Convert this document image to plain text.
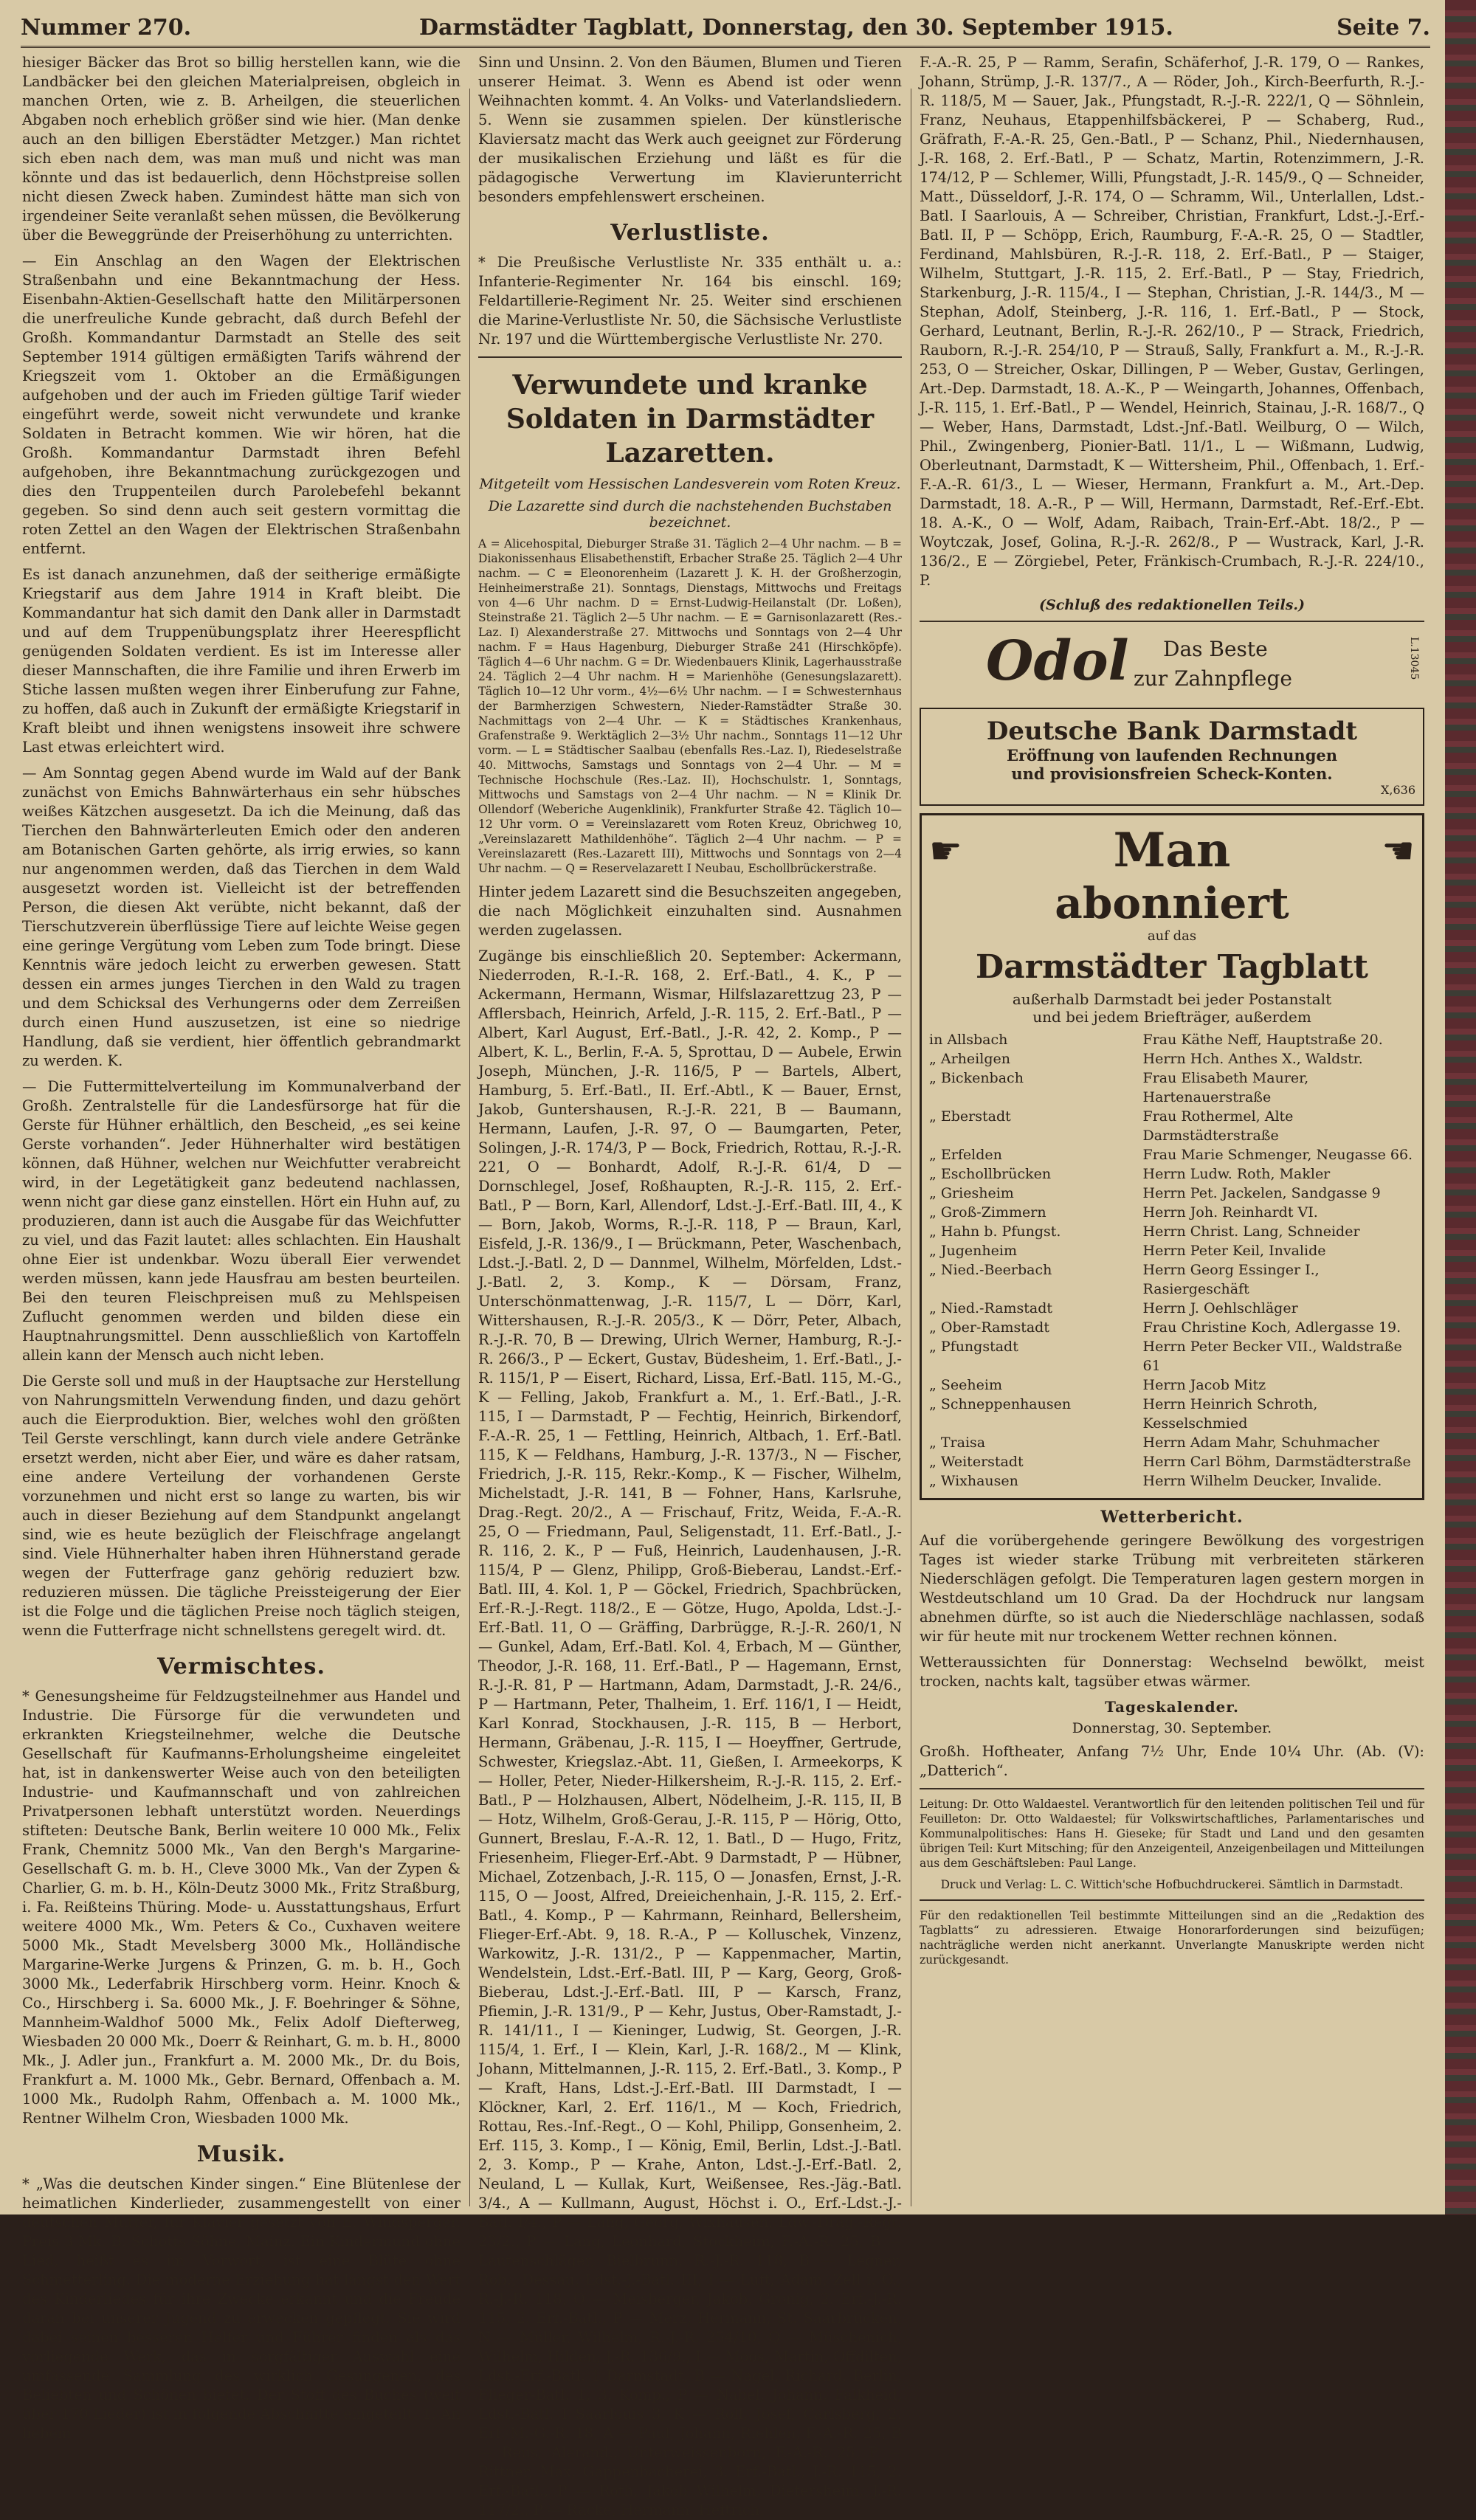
Nummer 270.	Darmstädter Tagblatt, Donnerstag, den 30. September 1915.	Seite 7.

hiesiger Bäcker das Brot so billig herstellen kann, wie die Landbäcker bei den gleichen Materialpreisen, obgleich in manchen Orten, wie z. B. Arheilgen, die steuerlichen Abgaben noch erheblich größer sind wie hier. (Man denke auch an den billigen Eberstädter Metzger.) Man richtet sich eben nach dem, was man muß und nicht was man könnte und das ist bedauerlich, denn Höchstpreise sollen nicht diesen Zweck haben. Zumindest hätte man sich von irgendeiner Seite veranlaßt sehen müssen, die Bevölkerung über die Beweggründe der Preiserhöhung zu unterrichten.

— Ein Anschlag an den Wagen der Elektrischen Straßenbahn und eine Bekanntmachung der Hess. Eisenbahn-Aktien-Gesellschaft hatte den Militärpersonen die unerfreuliche Kunde gebracht, daß durch Befehl der Großh. Kommandantur Darmstadt an Stelle des seit September 1914 gültigen ermäßigten Tarifs während der Kriegszeit vom 1. Oktober an die Ermäßigungen aufgehoben und der auch im Frieden gültige Tarif wieder eingeführt werde, soweit nicht verwundete und kranke Soldaten in Betracht kommen. Wie wir hören, hat die Großh. Kommandantur Darmstadt ihren Befehl aufgehoben, ihre Bekanntmachung zurückgezogen und dies den Truppenteilen durch Parolebefehl bekannt gegeben. So sind denn auch seit gestern vormittag die roten Zettel an den Wagen der Elektrischen Straßenbahn entfernt.

Es ist danach anzunehmen, daß der seitherige ermäßigte Kriegstarif aus dem Jahre 1914 in Kraft bleibt. Die Kommandantur hat sich damit den Dank aller in Darmstadt und auf dem Truppenübungsplatz ihrer Heerespflicht genügenden Soldaten verdient. Es ist im Interesse aller dieser Mannschaften, die ihre Familie und ihren Erwerb im Stiche lassen mußten wegen ihrer Einberufung zur Fahne, zu hoffen, daß auch in Zukunft der ermäßigte Kriegstarif in Kraft bleibt und ihnen wenigstens insoweit ihre schwere Last etwas erleichtert wird.

— Am Sonntag gegen Abend wurde im Wald auf der Bank zunächst von Emichs Bahnwärterhaus ein sehr hübsches weißes Kätzchen ausgesetzt. Da ich die Meinung, daß das Tierchen den Bahnwärterleuten Emich oder den anderen am Botanischen Garten gehörte, als irrig erwies, so kann nur angenommen werden, daß das Tierchen in dem Wald ausgesetzt worden ist. Vielleicht ist der betreffenden Person, die diesen Akt verübte, nicht bekannt, daß der Tierschutzverein überflüssige Tiere auf leichte Weise gegen eine geringe Vergütung vom Leben zum Tode bringt. Diese Kenntnis wäre jedoch leicht zu erwerben gewesen. Statt dessen ein armes junges Tierchen in den Wald zu tragen und dem Schicksal des Verhungerns oder dem Zerreißen durch einen Hund auszusetzen, ist eine so niedrige Handlung, daß sie verdient, hier öffentlich gebrandmarkt zu werden. K.

— Die Futtermittelverteilung im Kommunalverband der Großh. Zentralstelle für die Landesfürsorge hat für die Gerste für Hühner erhältlich, den Bescheid, „es sei keine Gerste vorhanden“. Jeder Hühnerhalter wird bestätigen können, daß Hühner, welchen nur Weichfutter verabreicht wird, in der Legetätigkeit ganz bedeutend nachlassen, wenn nicht gar diese ganz einstellen. Hört ein Huhn auf, zu produzieren, dann ist auch die Ausgabe für das Weichfutter zu viel, und das Fazit lautet: alles schlachten. Ein Haushalt ohne Eier ist undenkbar. Wozu überall Eier verwendet werden müssen, kann jede Hausfrau am besten beurteilen. Bei den teuren Fleischpreisen muß zu Mehlspeisen Zuflucht genommen werden und bilden diese ein Hauptnahrungsmittel. Denn ausschließlich von Kartoffeln allein kann der Mensch auch nicht leben.

Die Gerste soll und muß in der Hauptsache zur Herstellung von Nahrungsmitteln Verwendung finden, und dazu gehört auch die Eierproduktion. Bier, welches wohl den größten Teil Gerste verschlingt, kann durch viele andere Getränke ersetzt werden, nicht aber Eier, und wäre es daher ratsam, eine andere Verteilung der vorhandenen Gerste vorzunehmen und nicht erst so lange zu warten, bis wir auch in dieser Beziehung auf dem Standpunkt angelangt sind, wie es heute bezüglich der Fleischfrage angelangt sind. Viele Hühnerhalter haben ihren Hühnerstand gerade wegen der Futterfrage ganz gehörig reduziert bzw. reduzieren müssen. Die tägliche Preissteigerung der Eier ist die Folge und die täglichen Preise noch täglich steigen, wenn die Futterfrage nicht schnellstens geregelt wird. dt.

Vermischtes.

* Genesungsheime für Feldzugsteilnehmer aus Handel und Industrie. Die Fürsorge für die verwundeten und erkrankten Kriegsteilnehmer, welche die Deutsche Gesellschaft für Kaufmanns-Erholungsheime eingeleitet hat, ist in dankenswerter Weise auch von den beteiligten Industrie- und Kaufmannschaft und von zahlreichen Privatpersonen lebhaft unterstützt worden. Neuerdings stifteten: Deutsche Bank, Berlin weitere 10 000 Mk., Felix Frank, Chemnitz 5000 Mk., Van den Bergh's Margarine-Gesellschaft G. m. b. H., Cleve 3000 Mk., Van der Zypen & Charlier, G. m. b. H., Köln-Deutz 3000 Mk., Fritz Straßburg, i. Fa. Reißteins Thüring. Mode- u. Ausstattungshaus, Erfurt weitere 4000 Mk., Wm. Peters & Co., Cuxhaven weitere 5000 Mk., Stadt Mevelsberg 3000 Mk., Holländische Margarine-Werke Jurgens & Prinzen, G. m. b. H., Goch 3000 Mk., Lederfabrik Hirschberg vorm. Heinr. Knoch & Co., Hirschberg i. Sa. 6000 Mk., J. F. Boehringer & Söhne, Mannheim-Waldhof 5000 Mk., Felix Adolf Diefterweg, Wiesbaden 20 000 Mk., Doerr & Reinhart, G. m. b. H., 8000 Mk., J. Adler jun., Frankfurt a. M. 2000 Mk., Dr. du Bois, Frankfurt a. M. 1000 Mk., Gebr. Bernard, Offenbach a. M. 1000 Mk., Rudolph Rahm, Offenbach a. M. 1000 Mk., Rentner Wilhelm Cron, Wiesbaden 1000 Mk.

Musik.

* „Was die deutschen Kinder singen.“ Eine Blütenlese der heimatlichen Kinderlieder, zusammengestellt von einer deutschen Mutter, für Klavier gesetzt von E. Windsperger. Preis 3 Mk. B. Schotts Söhne, Mainz. Ein Kindermund ohne Lied, heißt es im Vorwort, ist eine Blüte ohne Schmetterling. Die moderne Erziehung hat längst den Wert des Kinderliedes für ihre Zwecke erkannt und die Freude daran bei unserer Jugend zu erwecken gepflegt. Sie wird dabei seinen besseren Helfer und Führer finden als das vorliegende Werk, das in sorgfältiger Auswahl eine umfassende Sammlung des wirklich Gesungenen, des Beliebten und Schönen bietet. Der Stoff des Buches (weit über 170 Lieder) ist in folgende Abschnitte eingeteilt: 1. An liebem

Sinn und Unsinn. 2. Von den Bäumen, Blumen und Tieren unserer Heimat. 3. Wenn es Abend ist oder wenn Weihnachten kommt. 4. An Volks- und Vaterlandsliedern. 5. Wenn sie zusammen spielen. Der künstlerische Klaviersatz macht das Werk auch geeignet zur Förderung der musikalischen Erziehung und läßt es für die pädagogische Verwertung im Klavierunterricht besonders empfehlenswert erscheinen.

Verlustliste.

* Die Preußische Verlustliste Nr. 335 enthält u. a.: Infanterie-Regimenter Nr. 164 bis einschl. 169; Feldartillerie-Regiment Nr. 25. Weiter sind erschienen die Marine-Verlustliste Nr. 50, die Sächsische Verlustliste Nr. 197 und die Württembergische Verlustliste Nr. 270.

Verwundete und kranke Soldaten in Darmstädter Lazaretten.
Mitgeteilt vom Hessischen Landesverein vom Roten Kreuz.
Die Lazarette sind durch die nachstehenden Buchstaben bezeichnet.

A = Alicehospital, Dieburger Straße 31. Täglich 2—4 Uhr nachm. — B = Diakonissenhaus Elisabethenstift, Erbacher Straße 25. Täglich 2—4 Uhr nachm. — C = Eleonorenheim (Lazarett J. K. H. der Großherzogin, Heinheimerstraße 21). Sonntags, Dienstags, Mittwochs und Freitags von 4—6 Uhr nachm. D = Ernst-Ludwig-Heilanstalt (Dr. Loßen), Steinstraße 21. Täglich 2—5 Uhr nachm. — E = Garnisonlazarett (Res.-Laz. I) Alexanderstraße 27. Mittwochs und Sonntags von 2—4 Uhr nachm. F = Haus Hagenburg, Dieburger Straße 241 (Hirschköpfe). Täglich 4—6 Uhr nachm. G = Dr. Wiedenbauers Klinik, Lagerhausstraße 24. Täglich 2—4 Uhr nachm. H = Marienhöhe (Genesungslazarett). Täglich 10—12 Uhr vorm., 4½—6½ Uhr nachm. — I = Schwesternhaus der Barmherzigen Schwestern, Nieder-Ramstädter Straße 30. Nachmittags von 2—4 Uhr. — K = Städtisches Krankenhaus, Grafenstraße 9. Werktäglich 2—3½ Uhr nachm., Sonntags 11—12 Uhr vorm. — L = Städtischer Saalbau (ebenfalls Res.-Laz. I), Riedeselstraße 40. Mittwochs, Samstags und Sonntags von 2—4 Uhr. — M = Technische Hochschule (Res.-Laz. II), Hochschulstr. 1, Sonntags, Mittwochs und Samstags von 2—4 Uhr nachm. — N = Klinik Dr. Ollendorf (Weberiche Augenklinik), Frankfurter Straße 42. Täglich 10—12 Uhr vorm. O = Vereinslazarett vom Roten Kreuz, Obrichweg 10, „Vereinslazarett Mathildenhöhe“. Täglich 2—4 Uhr nachm. — P = Vereinslazarett (Res.-Lazarett III), Mittwochs und Sonntags von 2—4 Uhr nachm. — Q = Reservelazarett I Neubau, Eschollbrückerstraße.

Hinter jedem Lazarett sind die Besuchszeiten angegeben, die nach Möglichkeit einzuhalten sind. Ausnahmen werden zugelassen.

Zugänge bis einschließlich 20. September: Ackermann, Niederroden, R.-I.-R. 168, 2. Erf.-Batl., 4. K., P — Ackermann, Hermann, Wismar, Hilfslazarettzug 23, P — Afflersbach, Heinrich, Arfeld, J.-R. 115, 2. Erf.-Batl., P — Albert, Karl August, Erf.-Batl., J.-R. 42, 2. Komp., P — Albert, K. L., Berlin, F.-A. 5, Sprottau, D — Aubele, Erwin Joseph, München, J.-R. 116/5, P — Bartels, Albert, Hamburg, 5. Erf.-Batl., II. Erf.-Abtl., K — Bauer, Ernst, Jakob, Guntershausen, R.-J.-R. 221, B — Baumann, Hermann, Laufen, J.-R. 97, O — Baumgarten, Peter, Solingen, J.-R. 174/3, P — Bock, Friedrich, Rottau, R.-J.-R. 221, O — Bonhardt, Adolf, R.-J.-R. 61/4, D — Dornschlegel, Josef, Roßhaupten, R.-J.-R. 115, 2. Erf.-Batl., P — Born, Karl, Allendorf, Ldst.-J.-Erf.-Batl. III, 4., K — Born, Jakob, Worms, R.-J.-R. 118, P — Braun, Karl, Eisfeld, J.-R. 136/9., I — Brückmann, Peter, Waschenbach, Ldst.-J.-Batl. 2, D — Dannmel, Wilhelm, Mörfelden, Ldst.-J.-Batl. 2, 3. Komp., K — Dörsam, Franz, Unterschönmattenwag, J.-R. 115/7, L — Dörr, Karl, Wittershausen, R.-J.-R. 205/3., K — Dörr, Peter, Albach, R.-J.-R. 70, B — Drewing, Ulrich Werner, Hamburg, R.-J.-R. 266/3., P — Eckert, Gustav, Büdesheim, 1. Erf.-Batl., J.-R. 115/1, P — Eisert, Richard, Lissa, Erf.-Batl. 115, M.-G., K — Felling, Jakob, Frankfurt a. M., 1. Erf.-Batl., J.-R. 115, I — Darmstadt, P — Fechtig, Heinrich, Birkendorf, F.-A.-R. 25, 1 — Fettling, Heinrich, Altbach, 1. Erf.-Batl. 115, K — Feldhans, Hamburg, J.-R. 137/3., N — Fischer, Friedrich, J.-R. 115, Rekr.-Komp., K — Fischer, Wilhelm, Michelstadt, J.-R. 141, B — Fohner, Hans, Karlsruhe, Drag.-Regt. 20/2., A — Frischauf, Fritz, Weida, F.-A.-R. 25, O — Friedmann, Paul, Seligenstadt, 11. Erf.-Batl., J.-R. 116, 2. K., P — Fuß, Heinrich, Laudenhausen, J.-R. 115/4, P — Glenz, Philipp, Groß-Bieberau, Landst.-Erf.-Batl. III, 4. Kol. 1, P — Göckel, Friedrich, Spachbrücken, Erf.-R.-J.-Regt. 118/2., E — Götze, Hugo, Apolda, Ldst.-J.-Erf.-Batl. 11, O — Gräffing, Darbrügge, R.-J.-R. 260/1, N — Gunkel, Adam, Erf.-Batl. Kol. 4, Erbach, M — Günther, Theodor, J.-R. 168, 11. Erf.-Batl., P — Hagemann, Ernst, R.-J.-R. 81, P — Hartmann, Adam, Darmstadt, J.-R. 24/6., P — Hartmann, Peter, Thalheim, 1. Erf. 116/1, I — Heidt, Karl Konrad, Stockhausen, J.-R. 115, B — Herbort, Hermann, Gräbenau, J.-R. 115, I — Hoeyffner, Gertrude, Schwester, Kriegslaz.-Abt. 11, Gießen, I. Armeekorps, K — Holler, Peter, Nieder-Hilkersheim, R.-J.-R. 115, 2. Erf.-Batl., P — Holzhausen, Albert, Nödelheim, J.-R. 115, II, B — Hotz, Wilhelm, Groß-Gerau, J.-R. 115, P — Hörig, Otto, Gunnert, Breslau, F.-A.-R. 12, 1. Batl., D — Hugo, Fritz, Friesenheim, Flieger-Erf.-Abt. 9 Darmstadt, P — Hübner, Michael, Zotzenbach, J.-R. 115, O — Jonasfen, Ernst, J.-R. 115, O — Joost, Alfred, Dreieichenhain, J.-R. 115, 2. Erf.-Batl., 4. Komp., P — Kahrmann, Reinhard, Bellersheim, Flieger-Erf.-Abt. 9, 18. R.-A., P — Kolluschek, Vinzenz, Warkowitz, J.-R. 131/2., P — Kappenmacher, Martin, Wendelstein, Ldst.-Erf.-Batl. III, P — Karg, Georg, Groß-Bieberau, Ldst.-J.-Erf.-Batl. III, P — Karsch, Franz, Pfiemin, J.-R. 131/9., P — Kehr, Justus, Ober-Ramstadt, J.-R. 141/11., I — Kieninger, Ludwig, St. Georgen, J.-R. 115/4, 1. Erf., I — Klein, Karl, J.-R. 168/2., M — Klink, Johann, Mittelmannen, J.-R. 115, 2. Erf.-Batl., 3. Komp., P — Kraft, Hans, Ldst.-J.-Erf.-Batl. III Darmstadt, I — Klöckner, Karl, 2. Erf. 116/1., M — Koch, Friedrich, Rottau, Res.-Inf.-Regt., O — Kohl, Philipp, Gonsenheim, 2. Erf. 115, 3. Komp., I — König, Emil, Berlin, Ldst.-J.-Batl. 2, 3. Komp., P — Krahe, Anton, Ldst.-J.-Erf.-Batl. 2, Neuland, L — Kullak, Kurt, Weißensee, Res.-Jäg.-Batl. 3/4., A — Kullmann, August, Höchst i. O., Erf.-Ldst.-J.-Batl. I/4., P — Lang, Georg, Wixhausen, Ldw.-Drag.-Regt. 23/2., P — Lang, Leonhard, Stockheim, F.-A.-R. 25, B — Lautenschläger, Bielbrunn, R.-J.-R. 118, B — Legner, Rob., Dessau, Ldst.-J.-Batl. III, I — Luft, Adam, Zell i. O., R.-J.-R. 118, O — Meisberger, Jakob, Gronig, 2. Erf.-J.-R. 115, 2. Erf.-Batl., P — Merz, Hermann, St. Saarbrücken, N — Müller, Wilhelm, R.-J.-R. 254/10, Q — Müschenich, Wilhelm, Hilden, J.-R. 136/9., I — Moos, Martin, Offdilten, Ldst.-Erf.-Batl. 1 Darmstadt, B — Nagel, Richard, Berlin, Flieger-Batl. 1, 3. Komp., P — Nabel, Johann, Falkheid, Ldst.-Batl. I Saarlouis 3, K — Roll, Josef, Carlsberg, 2. Erf.-M.-G.-R. 18, A — Paul, Johann, Riehlen, F.-A.-R. 25, B — Reus, Alerand., Unterweissenborn, F.-A.-R. 25, P — Rittner, Max, Gappenbacherei, 3. Erf.-Batl., J.-R. 115, 2. Erf.-Batl., P — Roth, Jakob Wilhelm, Dietersheim, J.-R. 117/2., P — Racke, Hermann, Heftrich,

F.-A.-R. 25, P — Ramm, Serafin, Schäferhof, J.-R. 179, O — Rankes, Johann, Strümp, J.-R. 137/7., A — Röder, Joh., Kirch-Beerfurth, R.-J.-R. 118/5, M — Sauer, Jak., Pfungstadt, R.-J.-R. 222/1, Q — Söhnlein, Franz, Neuhaus, Etappenhilfsbäckerei, P — Schaberg, Rud., Gräfrath, F.-A.-R. 25, Gen.-Batl., P — Schanz, Phil., Niedernhausen, J.-R. 168, 2. Erf.-Batl., P — Schatz, Martin, Rotenzimmern, J.-R. 174/12, P — Schlemer, Willi, Pfungstadt, J.-R. 145/9., Q — Schneider, Matt., Düsseldorf, J.-R. 174, O — Schramm, Wil., Unterlallen, Ldst.-Batl. I Saarlouis, A — Schreiber, Christian, Frankfurt, Ldst.-J.-Erf.-Batl. II, P — Schöpp, Erich, Raumburg, F.-A.-R. 25, O — Stadtler, Ferdinand, Mahlsbüren, R.-J.-R. 118, 2. Erf.-Batl., P — Staiger, Wilhelm, Stuttgart, J.-R. 115, 2. Erf.-Batl., P — Stay, Friedrich, Starkenburg, J.-R. 115/4., I — Stephan, Christian, J.-R. 144/3., M — Stephan, Adolf, Steinberg, J.-R. 116, 1. Erf.-Batl., P — Stock, Gerhard, Leutnant, Berlin, R.-J.-R. 262/10., P — Strack, Friedrich, Rauborn, R.-J.-R. 254/10, P — Strauß, Sally, Frankfurt a. M., R.-J.-R. 253, O — Streicher, Oskar, Dillingen, P — Weber, Gustav, Gerlingen, Art.-Dep. Darmstadt, 18. A.-K., P — Weingarth, Johannes, Offenbach, J.-R. 115, 1. Erf.-Batl., P — Wendel, Heinrich, Stainau, J.-R. 168/7., Q — Weber, Hans, Darmstadt, Ldst.-Jnf.-Batl. Weilburg, O — Wilch, Phil., Zwingenberg, Pionier-Batl. 11/1., L — Wißmann, Ludwig, Oberleutnant, Darmstadt, K — Wittersheim, Phil., Offenbach, 1. Erf.-F.-A.-R. 61/3., L — Wieser, Hermann, Frankfurt a. M., Art.-Dep. Darmstadt, 18. A.-R., P — Will, Hermann, Darmstadt, Ref.-Erf.-Ebt. 18. A.-K., O — Wolf, Adam, Raibach, Train-Erf.-Abt. 18/2., P — Woytczak, Josef, Golina, R.-J.-R. 262/8., P — Wustrack, Karl, J.-R. 136/2., E — Zörgiebel, Peter, Fränkisch-Crumbach, R.-J.-R. 224/10., P.

(Schluß des redaktionellen Teils.)
Odol Das Beste
zur Zahnpflege	L.13045
Deutsche Bank Darmstadt
Eröffnung von laufenden Rechnungen
und provisionsfreien Scheck-Konten.
X,636
☛	Man	☚
abonniert
auf das
Darmstädter Tagblatt
außerhalb Darmstadt bei jeder Postanstalt
und bei jedem Briefträger, außerdem
in Allsbach	Frau Käthe Neff, Hauptstraße 20.
„ Arheilgen	Herrn Hch. Anthes X., Waldstr.
„ Bickenbach	Frau Elisabeth Maurer, Hartenauerstraße
„ Eberstadt	Frau Rothermel, Alte Darmstädterstraße
„ Erfelden	Frau Marie Schmenger, Neugasse 66.
„ Eschollbrücken	Herrn Ludw. Roth, Makler
„ Griesheim	Herrn Pet. Jackelen, Sandgasse 9
„ Groß-Zimmern	Herrn Joh. Reinhardt VI.
„ Hahn b. Pfungst.	Herrn Christ. Lang, Schneider
„ Jugenheim	Herrn Peter Keil, Invalide
„ Nied.-Beerbach	Herrn Georg Essinger I., Rasiergeschäft
„ Nied.-Ramstadt	Herrn J. Oehlschläger
„ Ober-Ramstadt	Frau Christine Koch, Adlergasse 19.
„ Pfungstadt	Herrn Peter Becker VII., Waldstraße 61
„ Seeheim	Herrn Jacob Mitz
„ Schneppenhausen	Herrn Heinrich Schroth, Kesselschmied
„ Traisa	Herrn Adam Mahr, Schuhmacher
„ Weiterstadt	Herrn Carl Böhm, Darmstädterstraße
„ Wixhausen	Herrn Wilhelm Deucker, Invalide.
Wetterbericht.

Auf die vorübergehende geringere Bewölkung des vorgestrigen Tages ist wieder starke Trübung mit verbreiteten stärkeren Niederschlägen gefolgt. Die Temperaturen lagen gestern morgen in Westdeutschland um 10 Grad. Da der Hochdruck nur langsam abnehmen dürfte, so ist auch die Niederschläge nachlassen, sodaß wir für heute mit nur trockenem Wetter rechnen können.

Wetteraussichten für Donnerstag: Wechselnd bewölkt, meist trocken, nachts kalt, tagsüber etwas wärmer.

Tageskalender.
Donnerstag, 30. September.

Großh. Hoftheater, Anfang 7½ Uhr, Ende 10¼ Uhr. (Ab. (V): „Datterich“.

Leitung: Dr. Otto Waldaestel. Verantwortlich für den leitenden politischen Teil und für Feuilleton: Dr. Otto Waldaestel; für Volkswirtschaftliches, Parlamentarisches und Kommunalpolitisches: Hans H. Gieseke; für Stadt und Land und den gesamten übrigen Teil: Kurt Mitsching; für den Anzeigenteil, Anzeigenbeilagen und Mitteilungen aus dem Geschäftsleben: Paul Lange.

Druck und Verlag: L. C. Wittich'sche Hofbuchdruckerei. Sämtlich in Darmstadt.

Für den redaktionellen Teil bestimmte Mitteilungen sind an die „Redaktion des Tagblatts“ zu adressieren. Etwaige Honorarforderungen sind beizufügen; nachträgliche werden nicht anerkannt. Unverlangte Manuskripte werden nicht zurückgesandt.
